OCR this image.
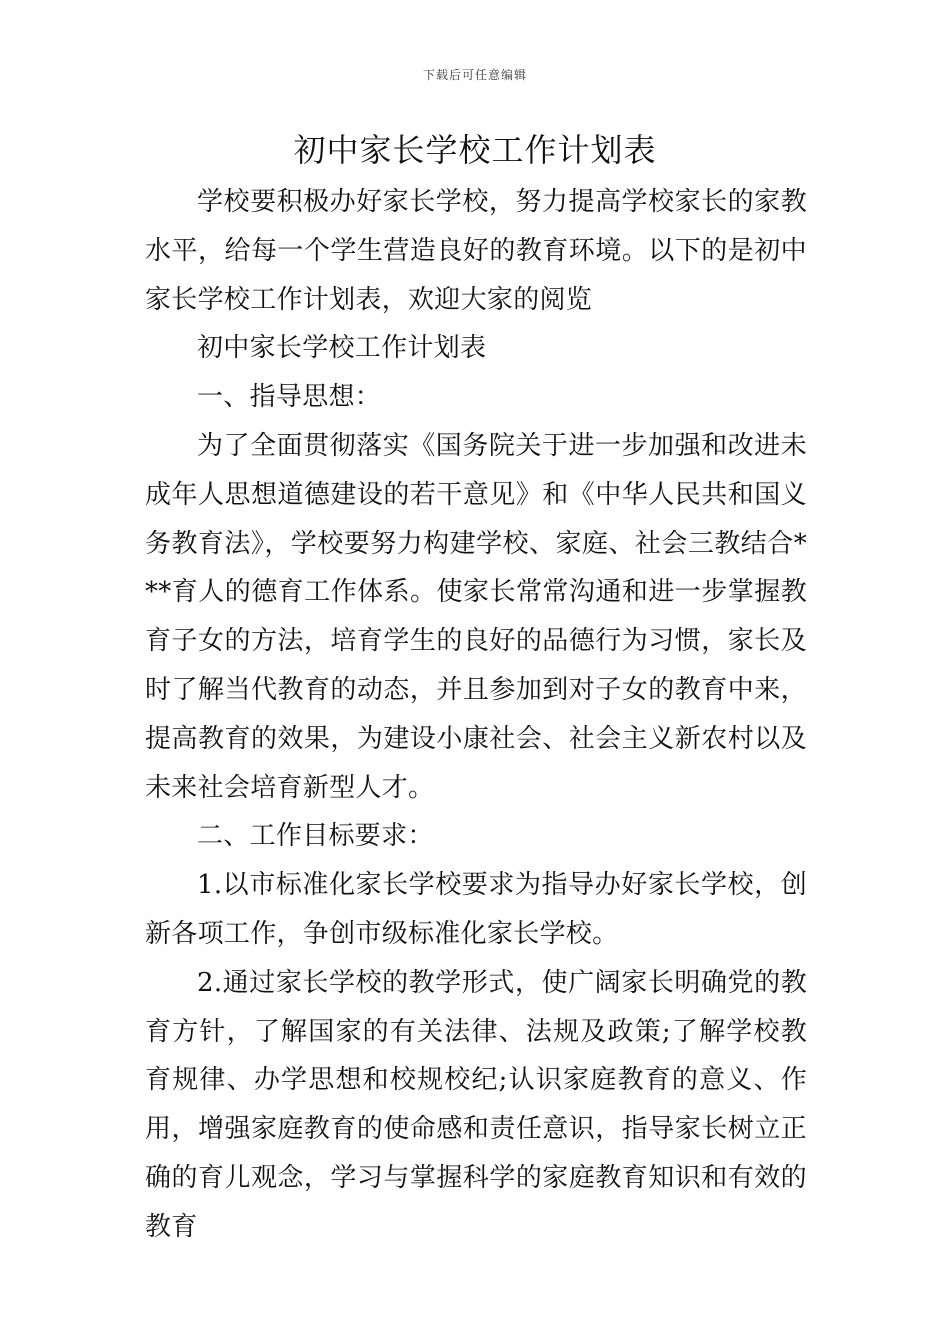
下载后可任意编辑
初中家长学校工作计划表

学校要积极办好家长学校，努力提高学校家长的家教水平，给每一个学生营造良好的教育环境。以下的是初中家长学校工作计划表，欢迎大家的阅览

初中家长学校工作计划表

一、指导思想：

为了全面贯彻落实《国务院关于进一步加强和改进未成年人思想道德建设的若干意见》和《中华人民共和国义务教育法》，学校要努力构建学校、家庭、社会三教结合***育人的德育工作体系。使家长常常沟通和进一步掌握教育子女的方法，培育学生的良好的品德行为习惯，家长及时了解当代教育的动态，并且参加到对子女的教育中来，提高教育的效果，为建设小康社会、社会主义新农村以及未来社会培育新型人才。

二、工作目标要求：

1.以市标准化家长学校要求为指导办好家长学校，创新各项工作，争创市级标准化家长学校。

2.通过家长学校的教学形式，使广阔家长明确党的教育方针，了解国家的有关法律、法规及政策;了解学校教育规律、办学思想和校规校纪;认识家庭教育的意义、作用，增强家庭教育的使命感和责任意识，指导家长树立正确的育儿观念，学习与掌握科学的家庭教育知识和有效的教育
